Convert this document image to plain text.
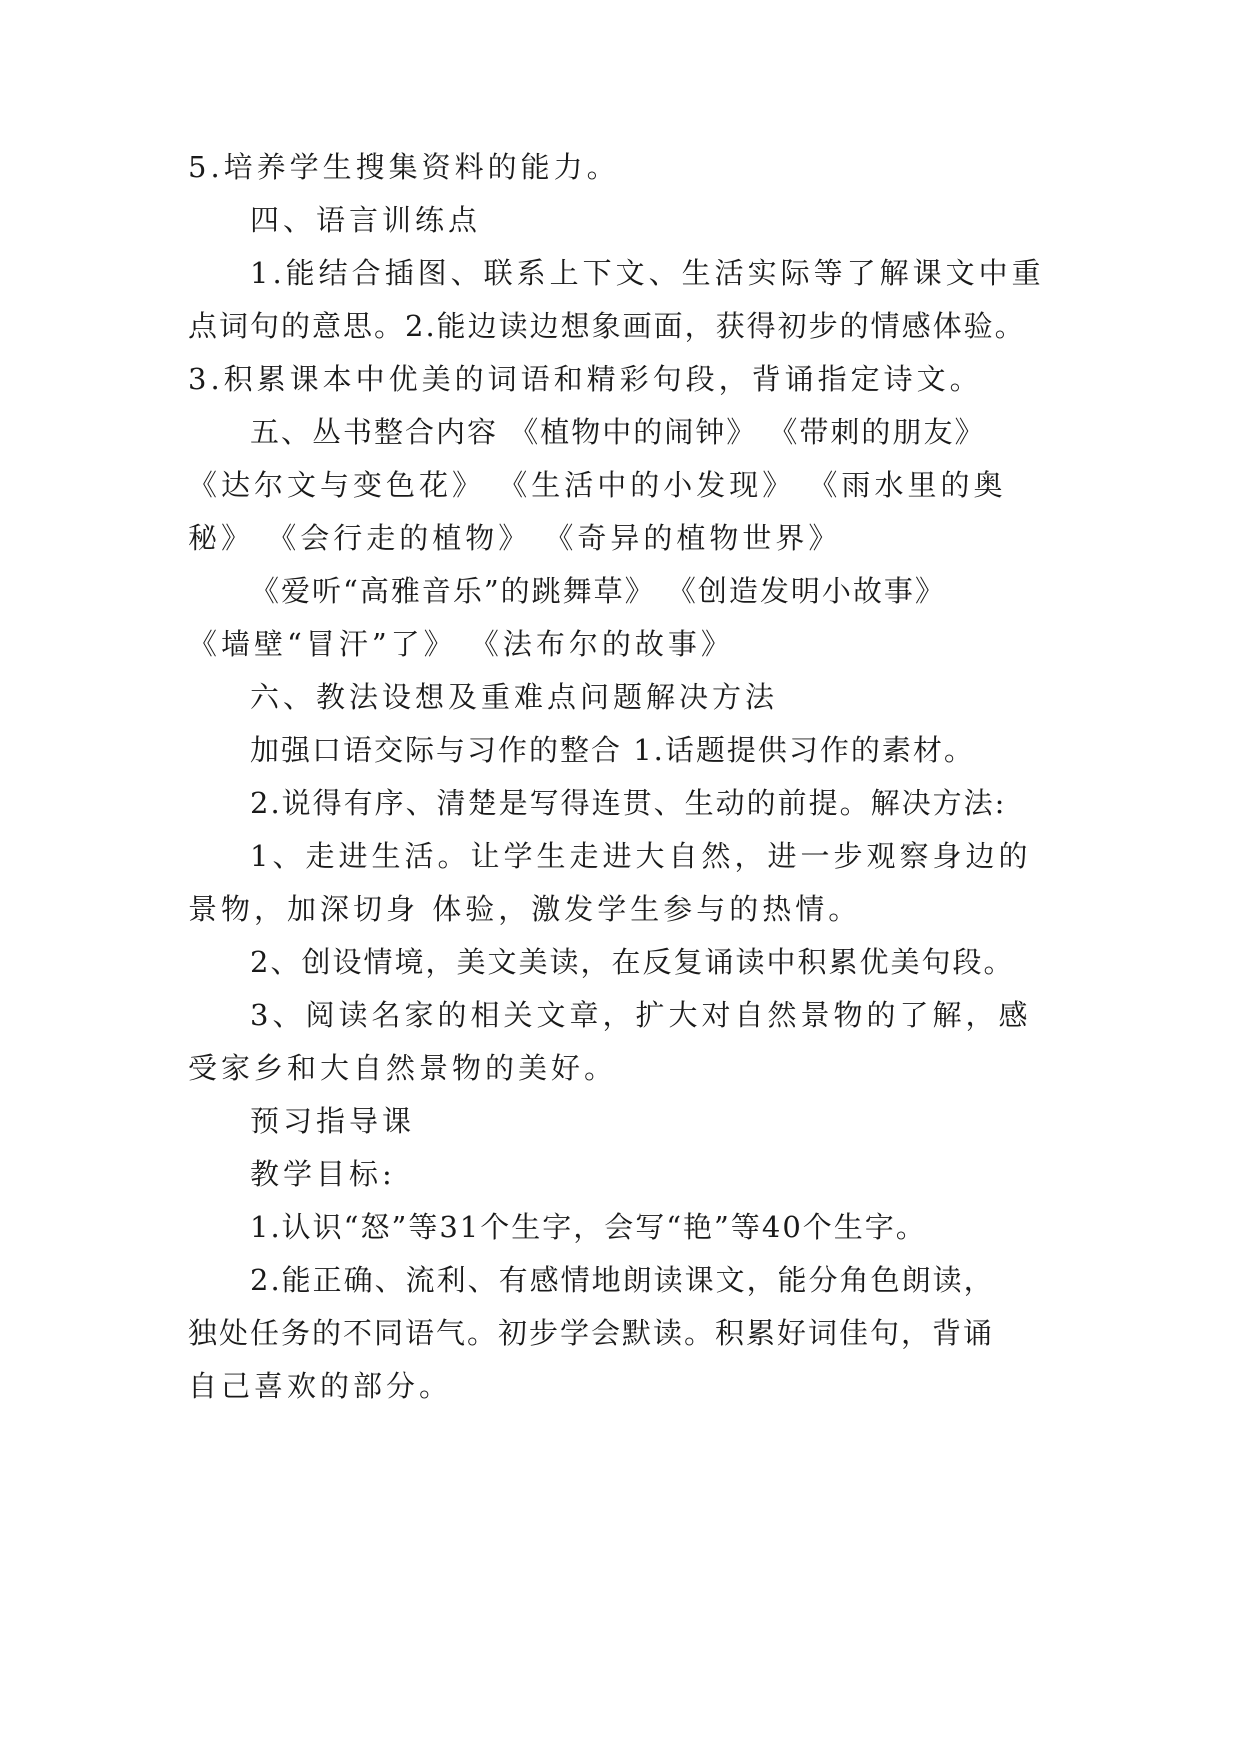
5.培养学生搜集资料的能力。
四、语言训练点
1.能结合插图、联系上下文、生活实际等了解课文中重
点词句的意思。2.能边读边想象画面，获得初步的情感体验。
3.积累课本中优美的词语和精彩句段，背诵指定诗文。
五、丛书整合内容 《植物中的闹钟》 《带刺的朋友》
《达尔文与变色花》 《生活中的小发现》 《雨水里的奥
秘》 《会行走的植物》 《奇异的植物世界》
《爱听“高雅音乐”的跳舞草》 《创造发明小故事》
《墙壁“冒汗”了》 《法布尔的故事》
六、教法设想及重难点问题解决方法
加强口语交际与习作的整合 1.话题提供习作的素材。
2.说得有序、清楚是写得连贯、生动的前提。解决方法:
1、走进生活。让学生走进大自然，进一步观察身边的
景物，加深切身 体验，激发学生参与的热情。
2、创设情境，美文美读，在反复诵读中积累优美句段。
3、阅读名家的相关文章，扩大对自然景物的了解，感
受家乡和大自然景物的美好。
预习指导课
教学目标:
1.认识“怒”等31个生字，会写“艳”等40个生字。
2.能正确、流利、有感情地朗读课文，能分角色朗读，
独处任务的不同语气。初步学会默读。积累好词佳句，背诵
自己喜欢的部分。
